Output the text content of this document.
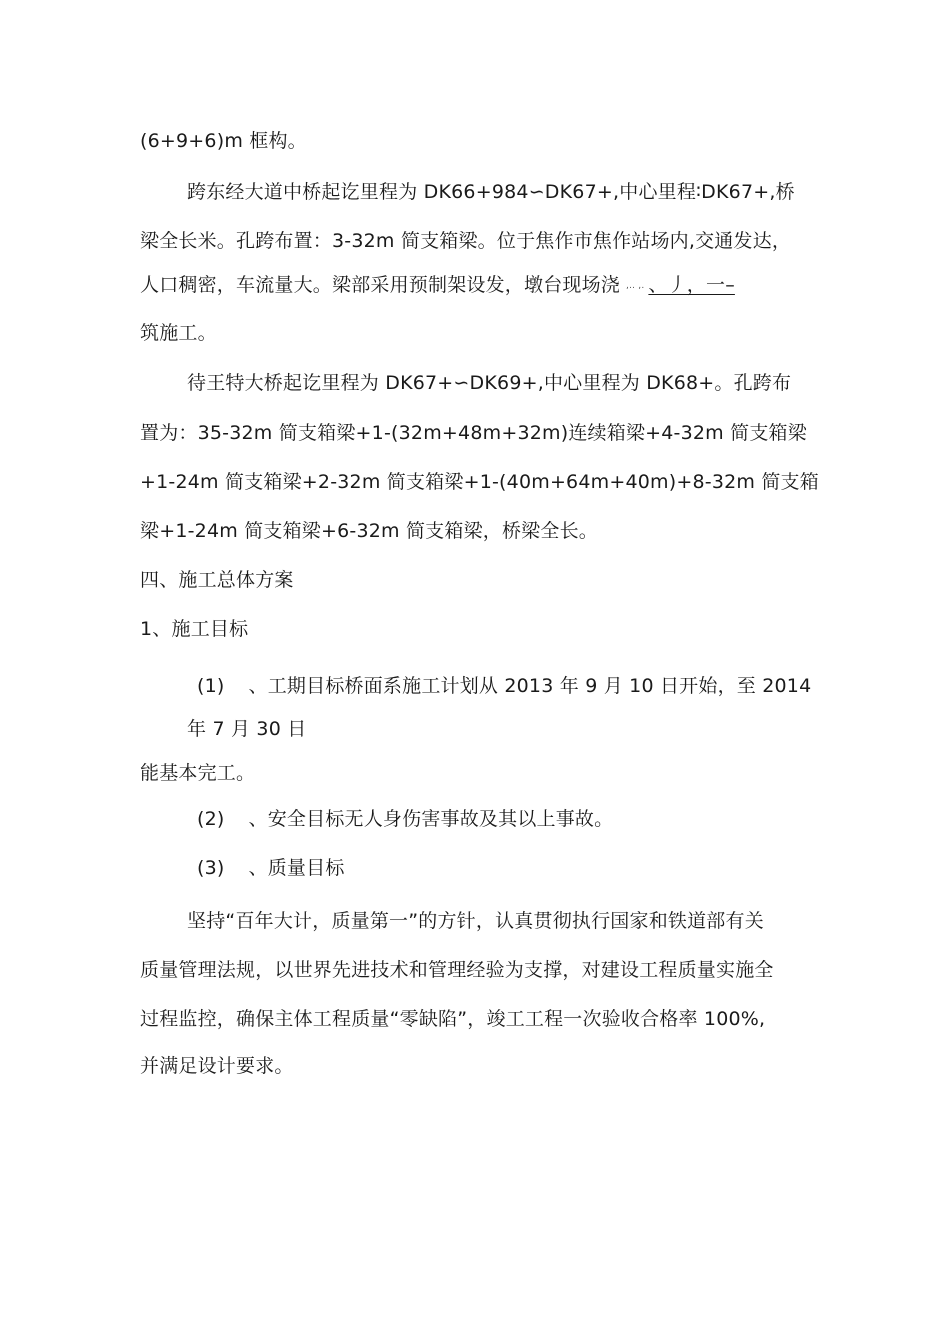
(6+9+6)m 框构。
跨东经大道中桥起讫里程为 DK66+984∽DK67+,中心里程∶DK67+,桥
梁全长米。孔跨布置：3-32m 简支箱梁。位于焦作市焦作站场内,交通发达，
人口稠密，车流量大。梁部采用预制架设发，墩台现场浇 ,.. ,. 、丿，一–
筑施工。
待王特大桥起讫里程为 DK67+∽DK69+,中心里程为 DK68+。孔跨布
置为：35-32m 简支箱梁+1-(32m+48m+32m)连续箱梁+4-32m 简支箱梁
+1-24m 简支箱梁+2-32m 简支箱梁+1-(40m+64m+40m)+8-32m 简支箱
梁+1-24m 简支箱梁+6-32m 简支箱梁，桥梁全长。
四、施工总体方案
1、施工目标
(1) 、工期目标桥面系施工计划从 2013 年 9 月 10 日开始，至 2014
年 7 月 30 日
能基本完工。
(2) 、安全目标无人身伤害事故及其以上事故。
(3) 、质量目标
坚持“百年大计，质量第一”的方针，认真贯彻执行国家和铁道部有关
质量管理法规，以世界先进技术和管理经验为支撑，对建设工程质量实施全
过程监控，确保主体工程质量“零缺陷”，竣工工程一次验收合格率 100%,
并满足设计要求。
